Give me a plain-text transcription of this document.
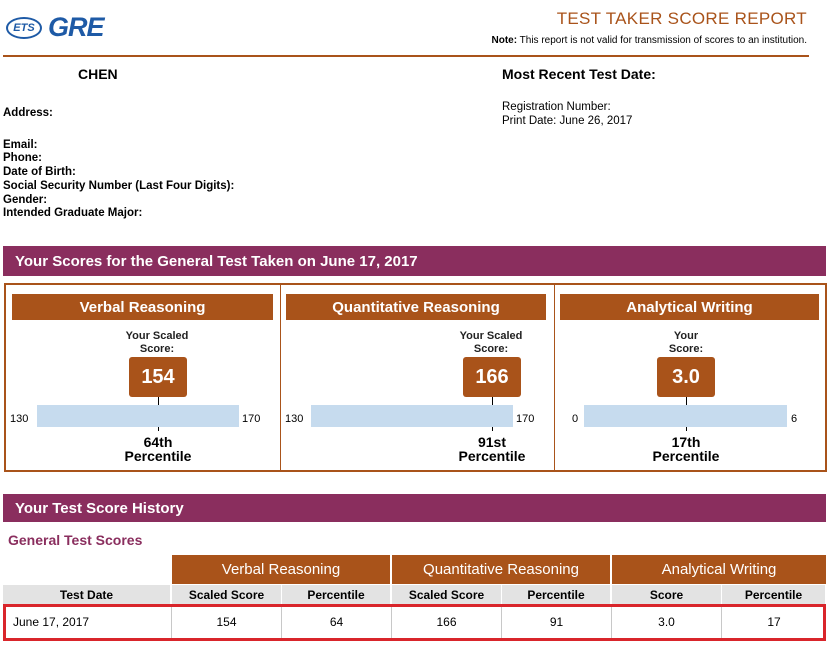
ETS GRE	TEST TAKER SCORE REPORT
Note: This report is not valid for transmission of scores to an institution.
CHEN	Most Recent Test Date:
Address:	Registration Number:
Print Date: June 26, 2017
Email:
Phone:
Date of Birth:
Social Security Number (Last Four Digits):
Gender:
Intended Graduate Major:
Your Scores for the General Test Taken on June 17, 2017
Verbal Reasoning
Your Scaled
Score:
154
130	170
64th
Percentile
Quantitative Reasoning
Your Scaled
Score:
166
130	170
91st
Percentile
Analytical Writing
Your
Score:
3.0
0	6
17th
Percentile
Your Test Score History
General Test Scores
Verbal Reasoning	Quantitative Reasoning	Analytical Writing
Test Date	Scaled Score	Percentile	Scaled Score	Percentile	Score	Percentile
June 17, 2017	154	64	166	91	3.0	17
